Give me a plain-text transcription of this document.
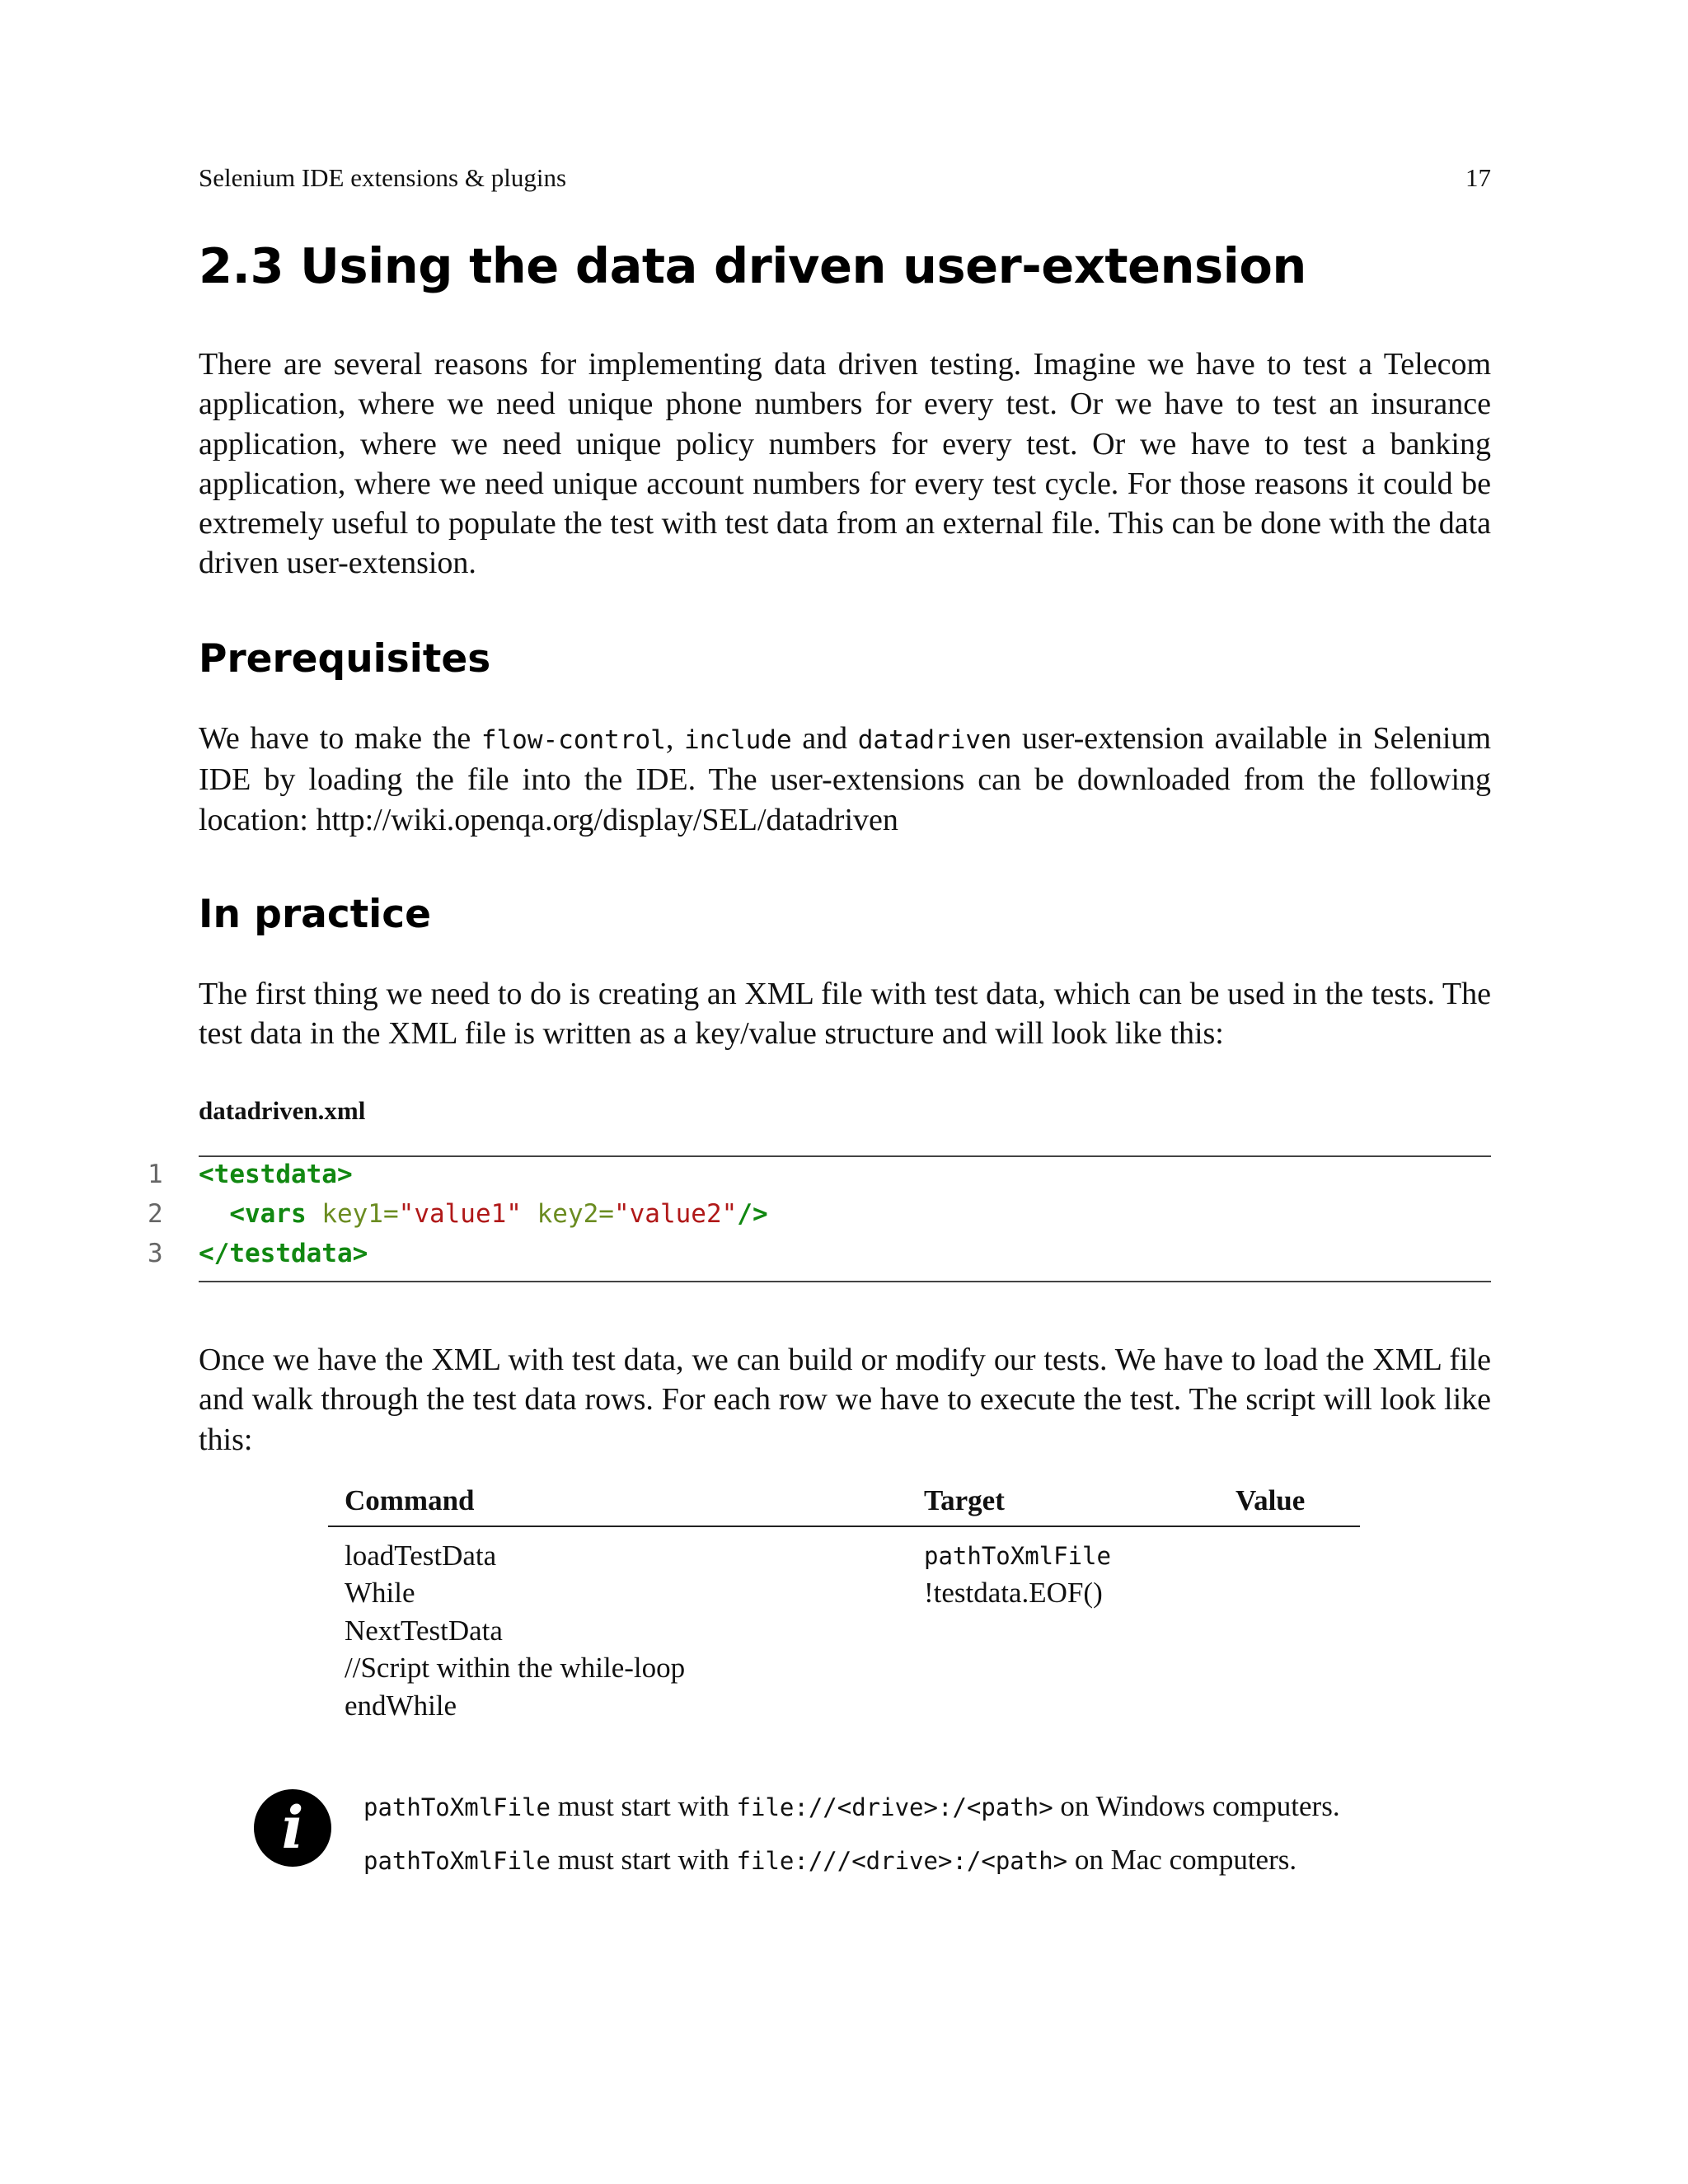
Selenium IDE extensions & plugins	17
2.3 Using the data driven user-extension

There are several reasons for implementing data driven testing. Imagine we have to test a Telecom application, where we need unique phone numbers for every test. Or we have to test an insurance application, where we need unique policy numbers for every test. Or we have to test a banking application, where we need unique account numbers for every test cycle. For those reasons it could be extremely useful to populate the test with test data from an external file. This can be done with the data driven user-extension.

Prerequisites

We have to make the flow-control, include and datadriven user-extension available in Selenium IDE by loading the file into the IDE. The user-extensions can be downloaded from the following location: http://wiki.openqa.org/display/SEL/datadriven

In practice

The first thing we need to do is creating an XML file with test data, which can be used in the tests. The test data in the XML file is written as a key/value structure and will look like this:

datadriven.xml
1	<testdata>
2	<vars key1="value1" key2="value2"/>
3	</testdata>

Once we have the XML with test data, we can build or modify our tests. We have to load the XML file and walk through the test data rows. For each row we have to execute the test. The script will look like this:

Command	Target	Value
loadTestData	pathToXmlFile	
While	!testdata.EOF()	
NextTestData		
//Script within the while-loop		
endWhile		
i	pathToXmlFile must start with file://<drive>:/<path> on Windows computers.
pathToXmlFile must start with file:///<drive>:/<path> on Mac computers.
